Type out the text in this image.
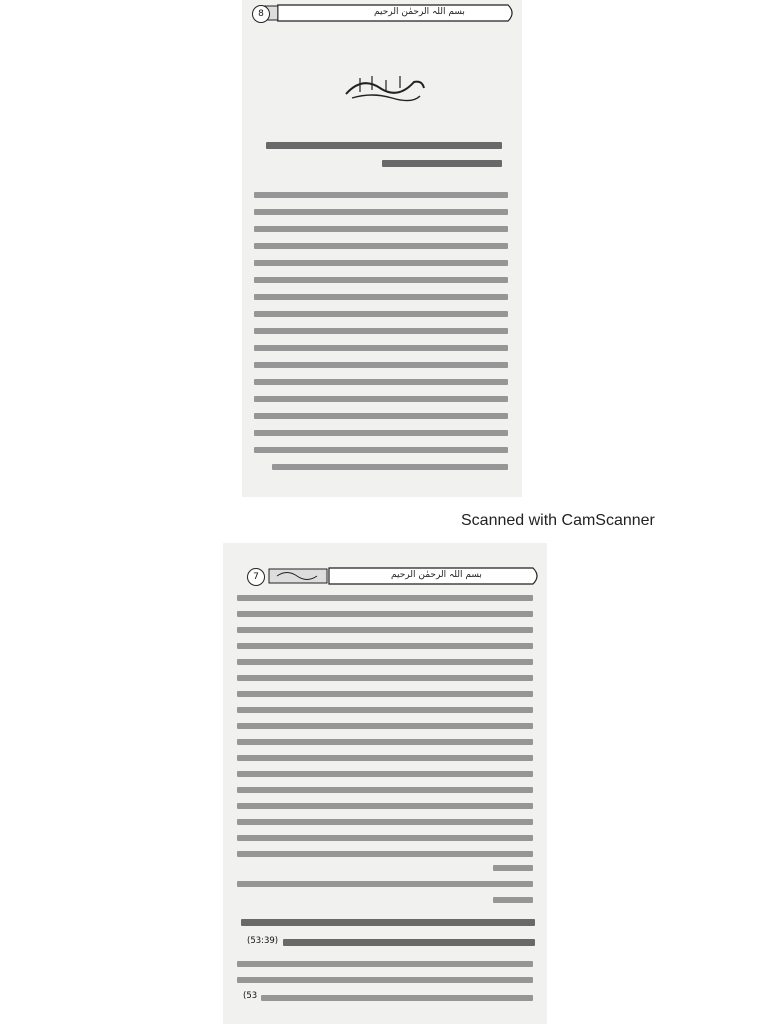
8	بسم اللہ الرحمٰن الرحیم
Scanned with CamScanner
7	بسم اللہ الرحمٰن الرحیم
(53:39)
(53
